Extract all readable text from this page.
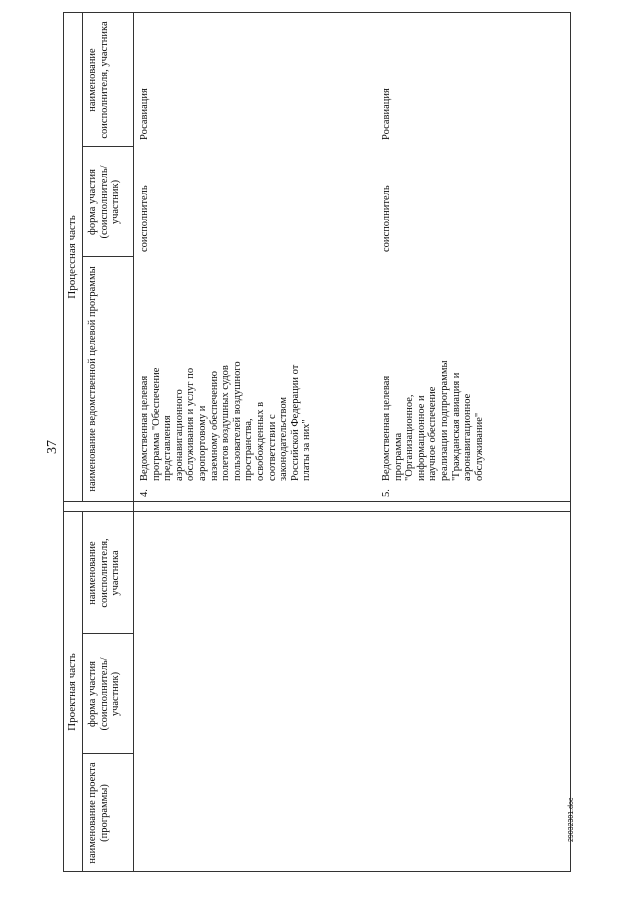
37
Проектная часть
наименование проекта (программы)
форма участия (соисполнитель/ участник)
наименование соисполнителя, участника
Процессная часть
наименование ведомственной целевой программы
форма участия (соисполнитель/ участник)
наименование соисполнителя, участника
4.
Ведомственная целевая программа "Обеспечение представления аэронавигационного обслуживания и услуг по аэропортовому и наземному обеспечению полетов воздушных судов пользователей воздушного пространства, освобожденных в соответствии с законодательством Российской Федерации от платы за них"
соисполнитель
Росавиация
5.
Ведомственная целевая программа "Организационное, информационное и научное обеспечение реализации подпрограммы "Гражданская авиация и аэронавигационное обслуживание"
соисполнитель
Росавиация
29032301.doc
